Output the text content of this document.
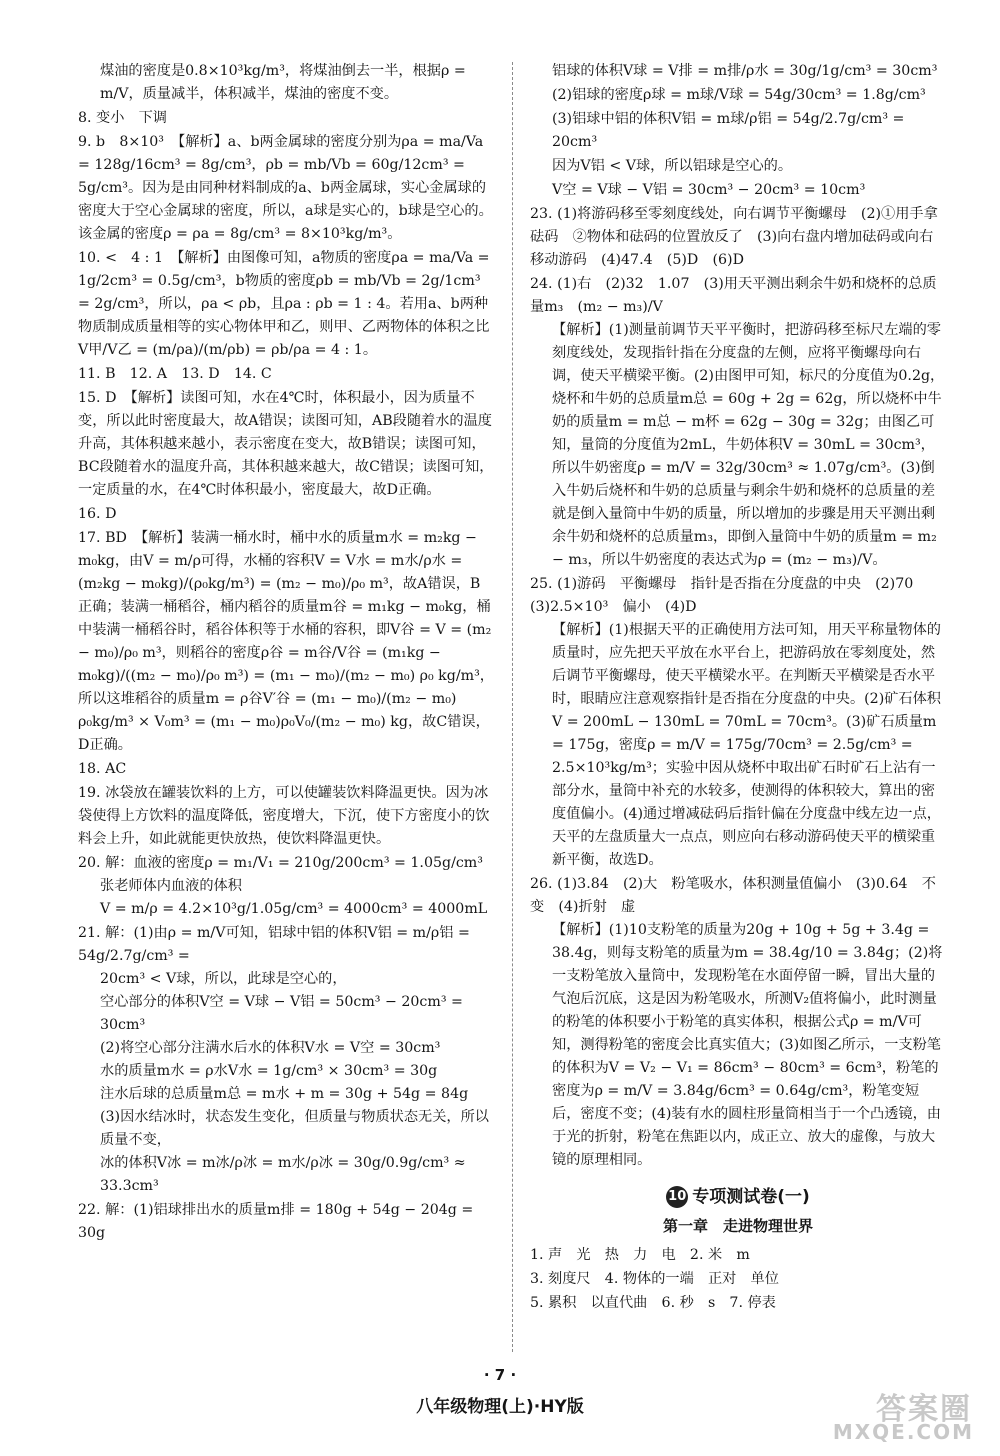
煤油的密度是0.8×10³kg/m³，将煤油倒去一半，根据ρ = m/V，质量减半，体积减半，煤油的密度不变。
8. 变小　下调
9. b　8×10³　【解析】a、b两金属球的密度分别为ρa = ma/Va = 128g/16cm³ = 8g/cm³，ρb = mb/Vb = 60g/12cm³ = 5g/cm³。因为是由同种材料制成的a、b两金属球，实心金属球的密度大于空心金属球的密度，所以，a球是实心的，b球是空心的。该金属的密度ρ = ρa = 8g/cm³ = 8×10³kg/m³。
10. <　4 : 1　【解析】由图像可知，a物质的密度ρa = ma/Va = 1g/2cm³ = 0.5g/cm³，b物质的密度ρb = mb/Vb = 2g/1cm³ = 2g/cm³，所以，ρa < ρb，且ρa : ρb = 1 : 4。若用a、b两种物质制成质量相等的实心物体甲和乙，则甲、乙两物体的体积之比V甲/V乙 = (m/ρa)/(m/ρb) = ρb/ρa = 4 : 1。
11. B　12. A　13. D　14. C
15. D　【解析】读图可知，水在4℃时，体积最小，因为质量不变，所以此时密度最大，故A错误；读图可知，AB段随着水的温度升高，其体积越来越小，表示密度在变大，故B错误；读图可知，BC段随着水的温度升高，其体积越来越大，故C错误；读图可知，一定质量的水，在4℃时体积最小，密度最大，故D正确。
16. D
17. BD　【解析】装满一桶水时，桶中水的质量m水 = m₂kg − m₀kg，由V = m/ρ可得，水桶的容积V = V水 = m水/ρ水 = (m₂kg − m₀kg)/(ρ₀kg/m³) = (m₂ − m₀)/ρ₀ m³，故A错误，B正确；装满一桶稻谷，桶内稻谷的质量m谷 = m₁kg − m₀kg，桶中装满一桶稻谷时，稻谷体积等于水桶的容积，即V谷 = V = (m₂ − m₀)/ρ₀ m³，则稻谷的密度ρ谷 = m谷/V谷 = (m₁kg − m₀kg)/((m₂ − m₀)/ρ₀ m³) = (m₁ − m₀)/(m₂ − m₀) ρ₀ kg/m³，所以这堆稻谷的质量m = ρ谷V′谷 = (m₁ − m₀)/(m₂ − m₀) ρ₀kg/m³ × V₀m³ = (m₁ − m₀)ρ₀V₀/(m₂ − m₀) kg，故C错误，D正确。
18. AC
19. 冰袋放在罐装饮料的上方，可以使罐装饮料降温更快。因为冰袋使得上方饮料的温度降低，密度增大，下沉，使下方密度小的饮料会上升，如此就能更快放热，使饮料降温更快。
20. 解：血液的密度ρ = m₁/V₁ = 210g/200cm³ = 1.05g/cm³
张老师体内血液的体积
V = m/ρ = 4.2×10³g/1.05g/cm³ = 4000cm³ = 4000mL
21. 解：(1)由ρ = m/V可知，铝球中铝的体积V铝 = m/ρ铝 = 54g/2.7g/cm³ =
20cm³ < V球，所以，此球是空心的，
空心部分的体积V空 = V球 − V铝 = 50cm³ − 20cm³ = 30cm³
(2)将空心部分注满水后水的体积V水 = V空 = 30cm³
水的质量m水 = ρ水V水 = 1g/cm³ × 30cm³ = 30g
注水后球的总质量m总 = m水 + m = 30g + 54g = 84g
(3)因水结冰时，状态发生变化，但质量与物质状态无关，所以质量不变，
冰的体积V冰 = m冰/ρ冰 = m水/ρ冰 = 30g/0.9g/cm³ ≈ 33.3cm³
22. 解：(1)铝球排出水的质量m排 = 180g + 54g − 204g = 30g
铝球的体积V球 = V排 = m排/ρ水 = 30g/1g/cm³ = 30cm³
(2)铝球的密度ρ球 = m球/V球 = 54g/30cm³ = 1.8g/cm³
(3)铝球中铝的体积V铝 = m球/ρ铝 = 54g/2.7g/cm³ = 20cm³
因为V铝 < V球，所以铝球是空心的。
V空 = V球 − V铝 = 30cm³ − 20cm³ = 10cm³
23. (1)将游码移至零刻度线处，向右调节平衡螺母　(2)①用手拿砝码　②物体和砝码的位置放反了　(3)向右盘内增加砝码或向右移动游码　(4)47.4　(5)D　(6)D
24. (1)右　(2)32　1.07　(3)用天平测出剩余牛奶和烧杯的总质量m₃　(m₂ − m₃)/V
【解析】(1)测量前调节天平平衡时，把游码移至标尺左端的零刻度线处，发现指针指在分度盘的左侧，应将平衡螺母向右调，使天平横梁平衡。(2)由图甲可知，标尺的分度值为0.2g，烧杯和牛奶的总质量m总 = 60g + 2g = 62g，所以烧杯中牛奶的质量m = m总 − m杯 = 62g − 30g = 32g；由图乙可知，量筒的分度值为2mL，牛奶体积V = 30mL = 30cm³，所以牛奶密度ρ = m/V = 32g/30cm³ ≈ 1.07g/cm³。(3)倒入牛奶后烧杯和牛奶的总质量与剩余牛奶和烧杯的总质量的差就是倒入量筒中牛奶的质量，所以增加的步骤是用天平测出剩余牛奶和烧杯的总质量m₃，即倒入量筒中牛奶的质量m = m₂ − m₃，所以牛奶密度的表达式为ρ = (m₂ − m₃)/V。
25. (1)游码　平衡螺母　指针是否指在分度盘的中央　(2)70　(3)2.5×10³　偏小　(4)D
【解析】(1)根据天平的正确使用方法可知，用天平称量物体的质量时，应先把天平放在水平台上，把游码放在零刻度处，然后调节平衡螺母，使天平横梁水平。在判断天平横梁是否水平时，眼睛应注意观察指针是否指在分度盘的中央。(2)矿石体积V = 200mL − 130mL = 70mL = 70cm³。(3)矿石质量m = 175g，密度ρ = m/V = 175g/70cm³ = 2.5g/cm³ = 2.5×10³kg/m³；实验中因从烧杯中取出矿石时矿石上沾有一部分水，量筒中补充的水较多，使测得的体积较大，算出的密度值偏小。(4)通过增减砝码后指针偏在分度盘中线左边一点，天平的左盘质量大一点点，则应向右移动游码使天平的横梁重新平衡，故选D。
26. (1)3.84　(2)大　粉笔吸水，体积测量值偏小　(3)0.64　不变　(4)折射　虚
【解析】(1)10支粉笔的质量为20g + 10g + 5g + 3.4g = 38.4g，则每支粉笔的质量为m = 38.4g/10 = 3.84g；(2)将一支粉笔放入量筒中，发现粉笔在水面停留一瞬，冒出大量的气泡后沉底，这是因为粉笔吸水，所测V₂值将偏小，此时测量的粉笔的体积要小于粉笔的真实体积，根据公式ρ = m/V可知，测得粉笔的密度会比真实值大；(3)如图乙所示，一支粉笔的体积为V = V₂ − V₁ = 86cm³ − 80cm³ = 6cm³，粉笔的密度为ρ = m/V = 3.84g/6cm³ = 0.64g/cm³，粉笔变短后，密度不变；(4)装有水的圆柱形量筒相当于一个凸透镜，由于光的折射，粉笔在焦距以内，成正立、放大的虚像，与放大镜的原理相同。
10 专项测试卷(一)
第一章　走进物理世界
1. 声　光　热　力　电　2. 米　m
3. 刻度尺　4. 物体的一端　正对　单位
5. 累积　以直代曲　6. 秒　s　7. 停表
· 7 ·
八年级物理(上)·HY版	答案圈
MXQE.COM
